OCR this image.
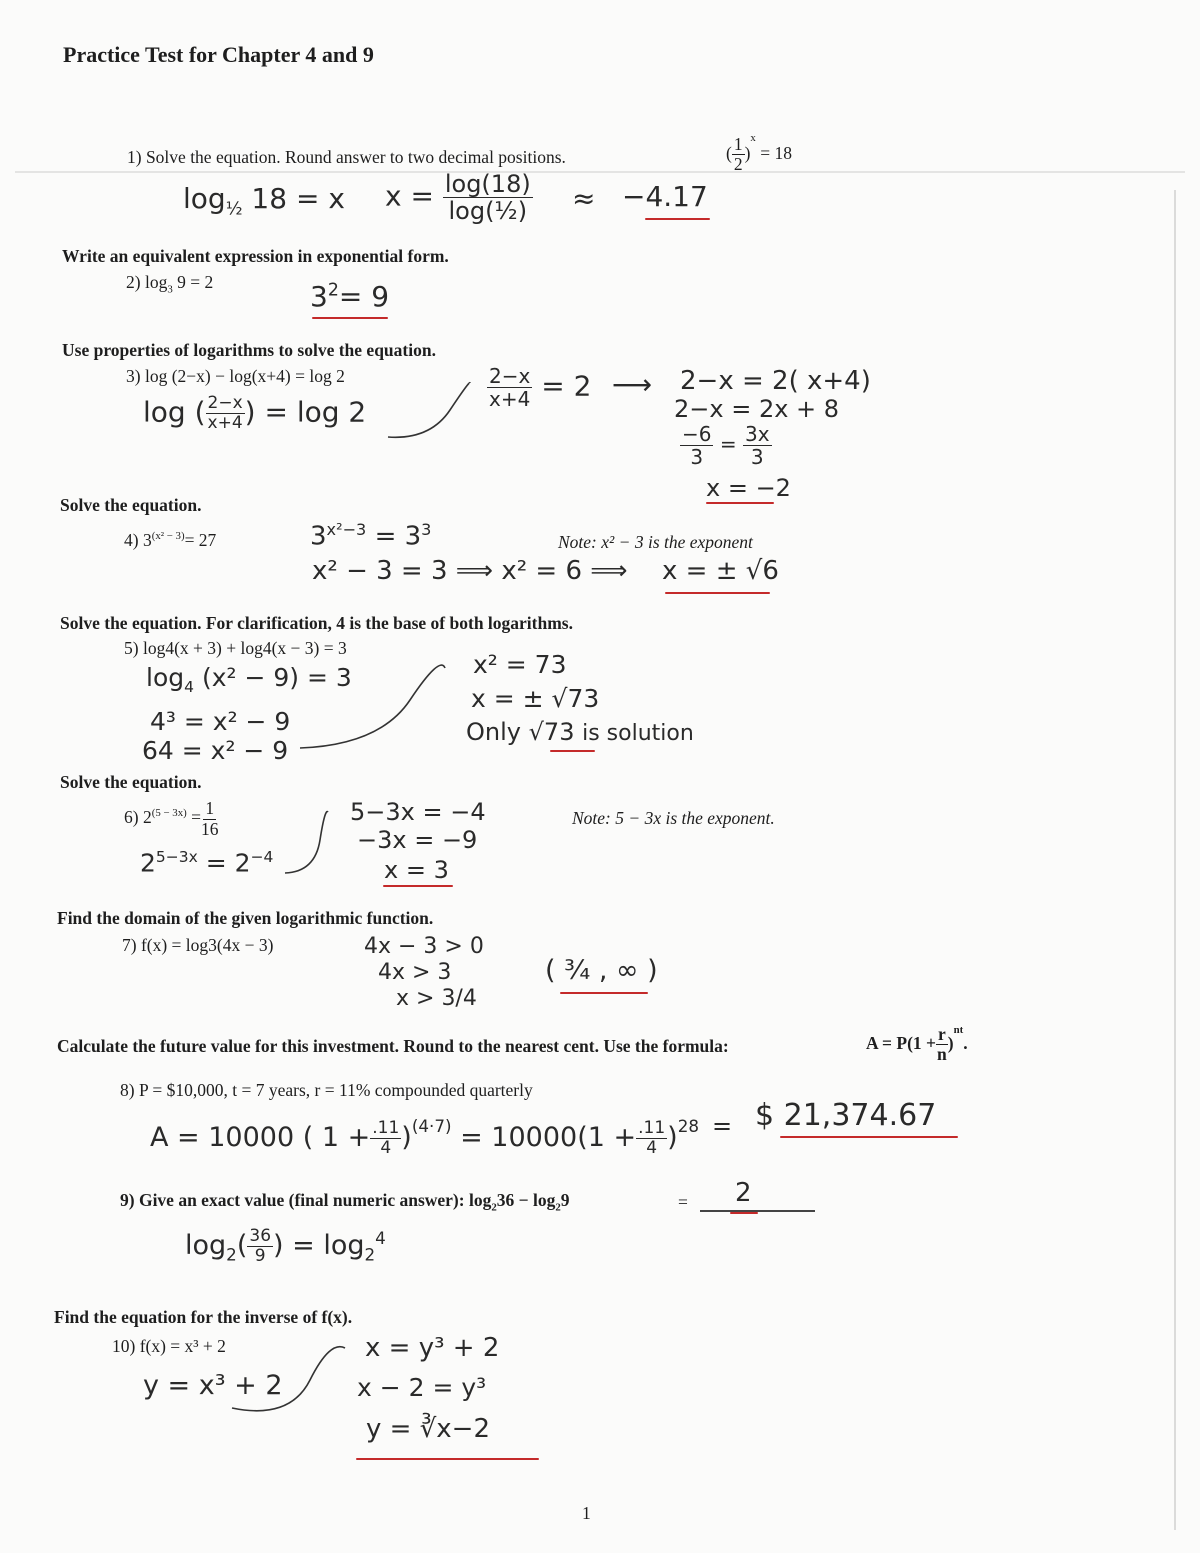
Practice Test for Chapter 4 and 9
1) Solve the equation. Round answer to two decimal positions.	( $\frac{1}{2} )^x = 18$
$\log_{\frac{1}{2}} 18 = x$ $x = \frac{\log(18)}{\text{log(½)}} \approx -4.17$
Write an equivalent expression in exponential form.
2) $\log_3 9 = 2$	$3^2= 9$
Use properties of logarithms to solve the equation.
3) log (2−x) − log(x+4) = log 2
log ( $\frac{2-x}{x+4}$ ) = log 2
$\frac{2-x}{x+4} = 2$ ⟶ 2−x = 2( x+4)
2−x = 2x + 8
$\frac{-6}{3} = \frac{3x}{3}$
x = −2
Solve the equation.
4) $3^{(x^2 - 3)}= 27$	$3^{x^2-3} = 3^3$
x² − 3 = 3 ⟹ x² = 6 ⟹ x = ± √6
Note: x² − 3 is the exponent
Solve the equation. For clarification, 4 is the base of both logarithms.
5) log4(x + 3) + log4(x − 3) = 3
$\log_4 (x^2 - 9) = 3$
4³ = x² − 9
64 = x² − 9
x² = 73
x = ± √73
Only √73 is solution
Solve the equation.
6) $2^{(5 - 3x)} = \frac{1}{16}$
$2^{5-3x} = 2^{-4}$
5−3x = −4
−3x = −9
x = 3
Note: 5 − 3x is the exponent.
Find the domain of the given logarithmic function.
7) f(x) = log3(4x − 3)	4x − 3 > 0
4x > 3
x > 3/4
( ¾ , ∞ )
Calculate the future value for this investment. Round to the nearest cent. Use the formula:	$A = P(1 + \frac{r}{n} )^{nt}$.
8) P = $10,000, t = 7 years, r = 11% compounded quarterly
A = 10000 ( $1 + \frac{.11}{4} )^{(4\cdot 7)} = 10000(1 + \frac{.11}{4} )^{28}$ = $ 21,374.67
9) Give an exact value (final numeric answer): $\log_236 - \log_29$	= 2
$\log_2( \frac{36}{9}$ ) = $\log_2^4$
Find the equation for the inverse of f(x).
10) f(x) = x³ + 2
y = x³ + 2
x = y³ + 2
x − 2 = y³
y = ∛x−2
1
